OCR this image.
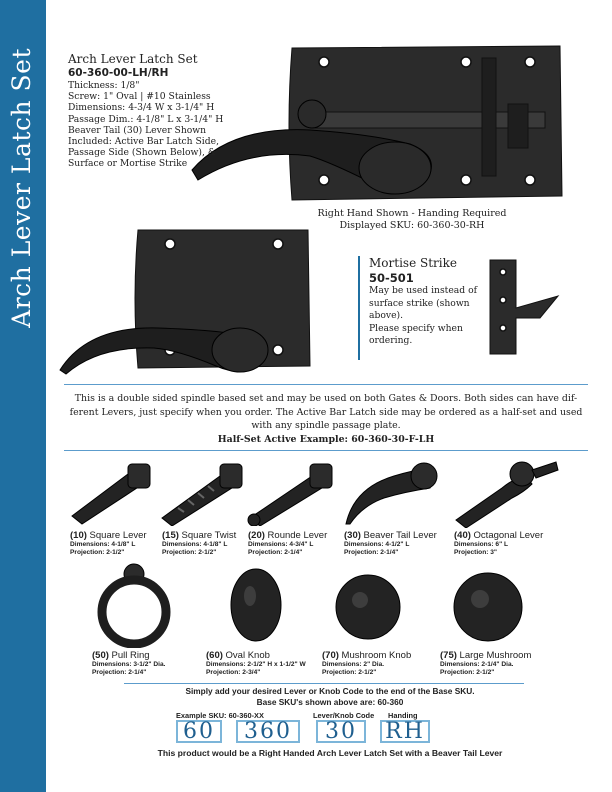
Arch Lever Latch Set	Arch Lever Latch Set
60-360-00-LH/RH
Thickness: 1/8"
Screw: 1" Oval | #10 Stainless
Dimensions: 4-3/4 W x 3-1/4" H
Passage Dim.: 4-1/8" L x 3-1/4" H
Beaver Tail (30) Lever Shown
Included: Active Bar Latch Side,
Passage Side (Shown Below), &
Surface or Mortise Strike
Right Hand Shown - Handing Required
Displayed SKU: 60-360-30-RH
Mortise Strike
50-501
May be used instead of
surface strike (shown
above).
Please specify when
ordering.
This is a double sided spindle based set and may be used on both Gates & Doors. Both sides can have dif-
ferent Levers, just specify when you order. The Active Bar Latch side may be ordered as a half-set and used
with any spindle passage plate.
Half-Set Active Example: 60-360-30-F-LH
(10) Square Lever
Dimensions: 4-1/8" L
Projection: 2-1/2"
(15) Square Twist
Dimensions: 4-1/8" L
Projection: 2-1/2"
(20) Rounde Lever
Dimensions: 4-3/4" L
Projection: 2-1/4"
(30) Beaver Tail Lever
Dimensions: 4-1/2" L
Projection: 2-1/4"
(40) Octagonal Lever
Dimensions: 6" L
Projection: 3"
(50) Pull Ring
Dimensions: 3-1/2" Dia.
Projection: 2-1/4"
(60) Oval Knob
Dimensions: 2-1/2" H x 1-1/2" W
Projection: 2-3/4"
(70) Mushroom Knob
Dimensions: 2" Dia.
Projection: 2-1/2"
(75) Large Mushroom
Dimensions: 2-1/4" Dia.
Projection: 2-1/2"
Simply add your desired Lever or Knob Code to the end of the Base SKU.
Base SKU's shown above are: 60-360
Example SKU: 60-360-XX	Lever/Knob Code Handing
60	360	30	RH
This product would be a Right Handed Arch Lever Latch Set with a Beaver Tail Lever
